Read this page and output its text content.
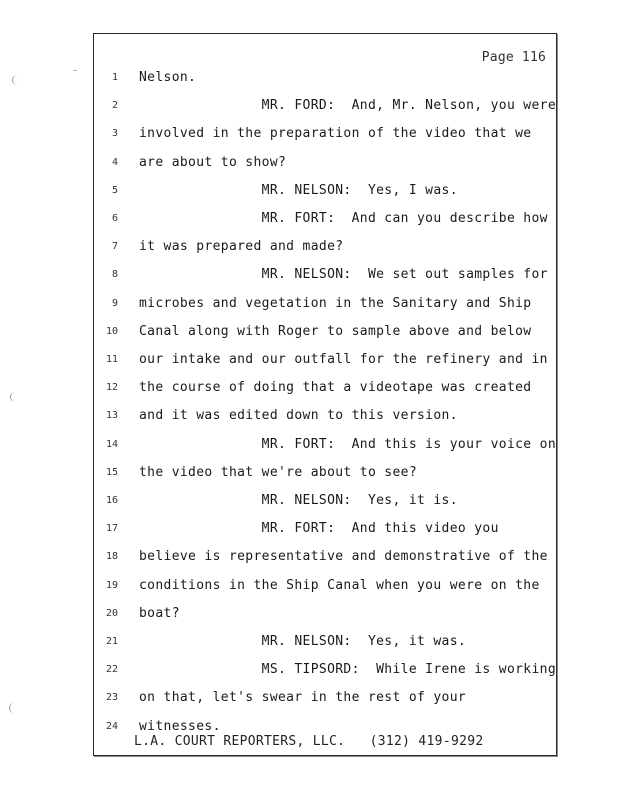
Page 116
1 Nelson.
2 MR. FORD:  And, Mr. Nelson, you were
3 involved in the preparation of the video that we
4 are about to show?
5 MR. NELSON:  Yes, I was.
6 MR. FORT:  And can you describe how
7 it was prepared and made?
8 MR. NELSON:  We set out samples for
9 microbes and vegetation in the Sanitary and Ship
10 Canal along with Roger to sample above and below
11 our intake and our outfall for the refinery and in
12 the course of doing that a videotape was created
13 and it was edited down to this version.
14 MR. FORT:  And this is your voice on
15 the video that we're about to see?
16 MR. NELSON:  Yes, it is.
17 MR. FORT:  And this video you
18 believe is representative and demonstrative of the
19 conditions in the Ship Canal when you were on the
20 boat?
21 MR. NELSON:  Yes, it was.
22 MS. TIPSORD:  While Irene is working
23 on that, let's swear in the rest of your
24 witnesses.
L.A. COURT REPORTERS, LLC.   (312) 419-9292
